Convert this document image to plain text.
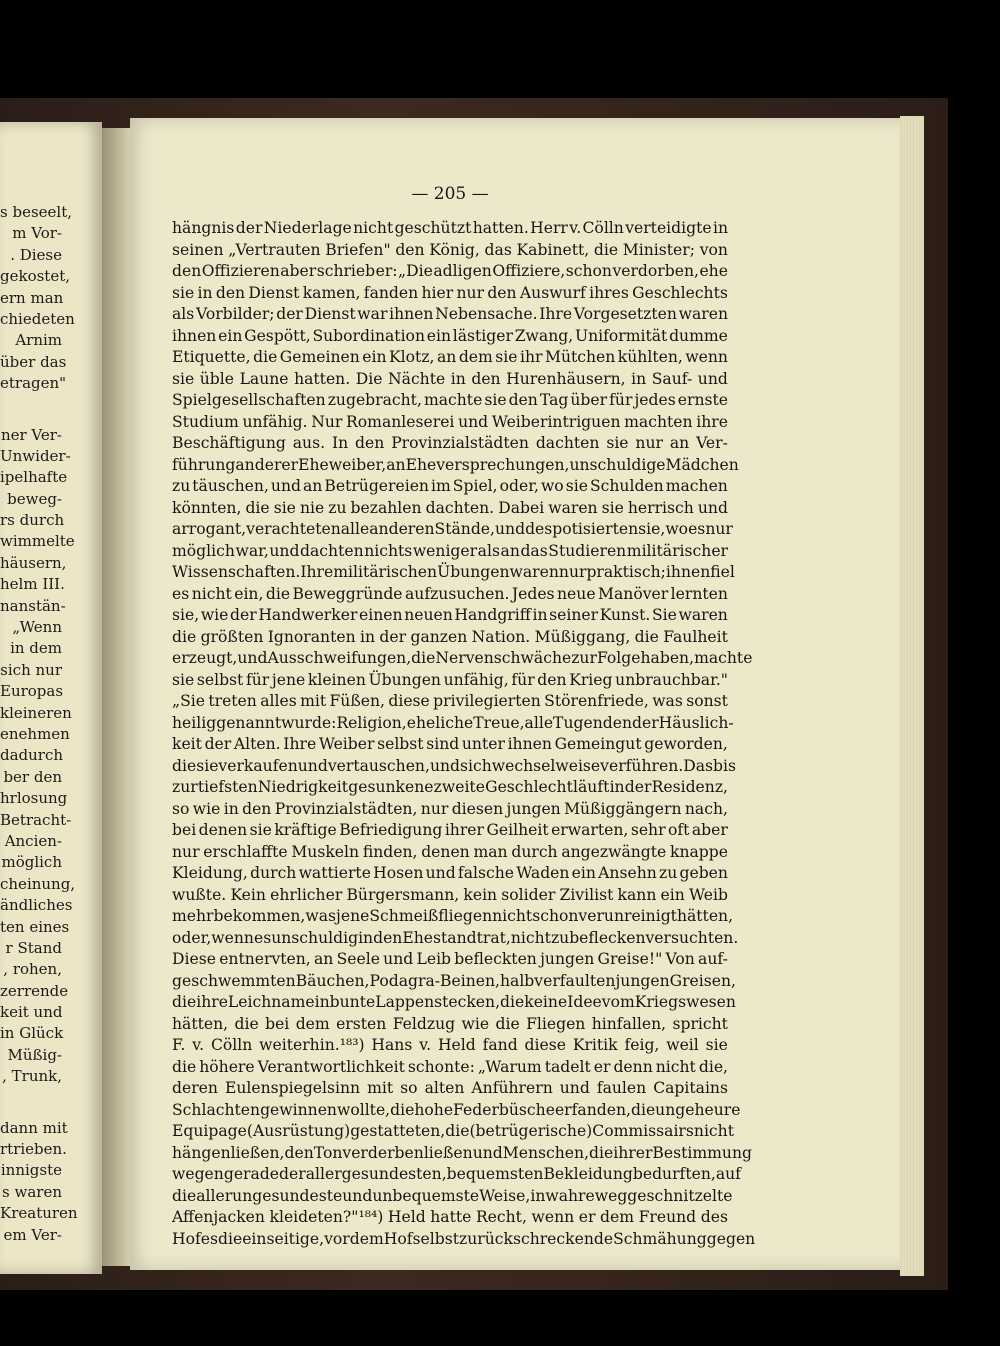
s beseelt,
m Vor-
. Diese
gekostet,
ern man
chiedeten
Arnim
über das
etragen"
ner Ver-
Unwider-
ipelhafte
beweg-
rs durch
wimmelte
häusern,
helm III.
nanstän-
„Wenn
in dem
sich nur
Europas
kleineren
enehmen
dadurch
ber den
hrlosung
Betracht-
Ancien-
möglich
cheinung,
ändliches
ten eines
r Stand
, rohen,
zerrende
keit und
in Glück
Müßig-
, Trunk,
dann mit
rtrieben.
innigste
s waren
Kreaturen
em Ver-
— 205 —
hängnis der Niederlage nicht geschützt hatten. Herr v. Cölln verteidigte in
seinen „Vertrauten Briefen" den König, das Kabinett, die Minister; von
den Offizieren aber schrieb er: „Die adligen Offiziere, schon verdorben, ehe
sie in den Dienst kamen, fanden hier nur den Auswurf ihres Geschlechts
als Vorbilder; der Dienst war ihnen Nebensache. Ihre Vorgesetzten waren
ihnen ein Gespött, Subordination ein lästiger Zwang, Uniformität dumme
Etiquette, die Gemeinen ein Klotz, an dem sie ihr Mütchen kühlten, wenn
sie üble Laune hatten. Die Nächte in den Hurenhäusern, in Sauf- und
Spielgesellschaften zugebracht, machte sie den Tag über für jedes ernste
Studium unfähig. Nur Romanleserei und Weiberintriguen machten ihre
Beschäftigung aus. In den Provinzialstädten dachten sie nur an Ver-
führung anderer Eheweiber, an Eheversprechungen, unschuldige Mädchen
zu täuschen, und an Betrügereien im Spiel, oder, wo sie Schulden machen
könnten, die sie nie zu bezahlen dachten. Dabei waren sie herrisch und
arrogant, verachteten alle anderen Stände, und despotisierten sie, wo es nur
möglich war, und dachten nichts weniger als an das Studieren militärischer
Wissenschaften. Ihre militärischen Übungen waren nur praktisch; ihnen fiel
es nicht ein, die Beweggründe aufzusuchen. Jedes neue Manöver lernten
sie, wie der Handwerker einen neuen Handgriff in seiner Kunst. Sie waren
die größten Ignoranten in der ganzen Nation. Müßiggang, die Faulheit
erzeugt, und Ausschweifungen, die Nervenschwäche zur Folge haben, machte
sie selbst für jene kleinen Übungen unfähig, für den Krieg unbrauchbar."
„Sie treten alles mit Füßen, diese privilegierten Störenfriede, was sonst
heilig genannt wurde: Religion, eheliche Treue, alle Tugenden der Häuslich-
keit der Alten. Ihre Weiber selbst sind unter ihnen Gemeingut geworden,
die sie verkaufen und vertauschen, und sich wechselweise verführen. Das bis
zur tiefsten Niedrigkeit gesunkene zweite Geschlecht läuft in der Residenz,
so wie in den Provinzialstädten, nur diesen jungen Müßiggängern nach,
bei denen sie kräftige Befriedigung ihrer Geilheit erwarten, sehr oft aber
nur erschlaffte Muskeln finden, denen man durch angezwängte knappe
Kleidung, durch wattierte Hosen und falsche Waden ein Ansehn zu geben
wußte. Kein ehrlicher Bürgersmann, kein solider Zivilist kann ein Weib
mehr bekommen, was jene Schmeißfliegen nicht schon verunreinigt hätten,
oder, wenn es unschuldig in den Ehestand trat, nicht zu beflecken versuchten.
Diese entnervten, an Seele und Leib befleckten jungen Greise!" Von auf-
geschwemmten Bäuchen, Podagra-Beinen, halbverfaulten jungen Greisen,
die ihre Leichname in bunte Lappen stecken, die keine Idee vom Kriegswesen
hätten, die bei dem ersten Feldzug wie die Fliegen hinfallen, spricht
F. v. Cölln weiterhin.¹⁸³) Hans v. Held fand diese Kritik feig, weil sie
die höhere Verantwortlichkeit schonte: „Warum tadelt er denn nicht die,
deren Eulenspiegelsinn mit so alten Anführern und faulen Capitains
Schlachten gewinnen wollte, die hohe Federbüsche erfanden, die ungeheure
Equipage (Ausrüstung) gestatteten, die (betrügerische) Commissairs nicht
hängen ließen, den Ton verderben ließen und Menschen, die ihrer Bestimmung
wegen gerade der allergesundesten, bequemsten Bekleidung bedurften, auf
die allerungesundeste und unbequemste Weise, in wahre weggeschnitzelte
Affenjacken kleideten?"¹⁸⁴) Held hatte Recht, wenn er dem Freund des
Hofes die einseitige, vor dem Hof selbst zurückschreckende Schmähung gegen
